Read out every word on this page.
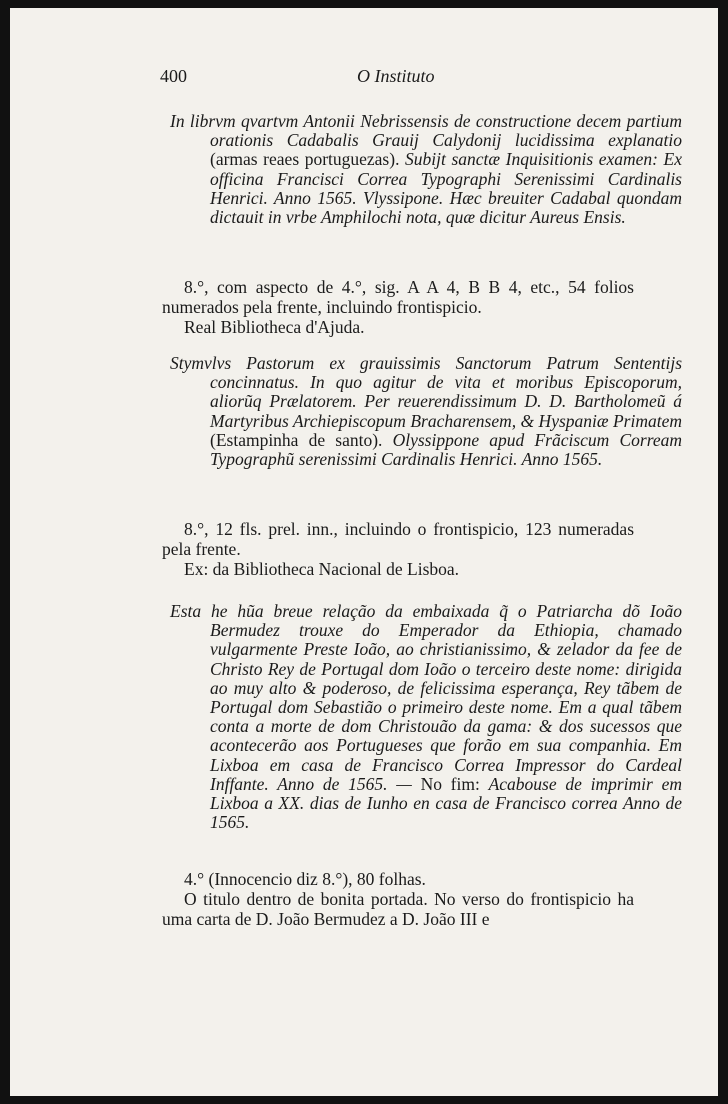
400	O Instituto

In librvm qvartvm Antonii Nebrissensis de constructione decem partium orationis Cadabalis Grauij Calydonij lucidissima explanatio (armas reaes portuguezas). Subijt sanctæ Inquisitionis examen: Ex officina Francisci Correa Typographi Serenissimi Cardinalis Henrici. Anno 1565. Vlyssipone. Hæc breuiter Cadabal quondam dictauit in vrbe Amphilochi nota, quæ dicitur Aureus Ensis.

8.°, com aspecto de 4.°, sig. A A 4, B B 4, etc., 54 folios numerados pela frente, incluindo frontispicio.

Real Bibliotheca d'Ajuda.

Stymvlvs Pastorum ex grauissimis Sanctorum Patrum Sententijs concinnatus. In quo agitur de vita et moribus Episcoporum, aliorũq Prælatorem. Per reuerendissimum D. D. Bartholomeũ á Martyribus Archiepiscopum Bracharensem, & Hyspaniæ Primatem (Estampinha de santo). Olyssippone apud Frãciscum Corream Typographũ serenissimi Cardinalis Henrici. Anno 1565.

8.°, 12 fls. prel. inn., incluindo o frontispicio, 123 numeradas pela frente.

Ex: da Bibliotheca Nacional de Lisboa.

Esta he hũa breue relação da embaixada q̃ o Patriarcha dõ Ioão Bermudez trouxe do Emperador da Ethiopia, chamado vulgarmente Preste Ioão, ao christianissimo, & zelador da fee de Christo Rey de Portugal dom Ioão o terceiro deste nome: dirigida ao muy alto & poderoso, de felicissima esperança, Rey tãbem de Portugal dom Sebastião o primeiro deste nome. Em a qual tãbem conta a morte de dom Christouão da gama: & dos sucessos que acontecerão aos Portugueses que forão em sua companhia. Em Lixboa em casa de Francisco Correa Impressor do Cardeal Inffante. Anno de 1565. — No fim: Acabouse de imprimir em Lixboa a XX. dias de Iunho en casa de Francisco correa Anno de 1565.

4.° (Innocencio diz 8.°), 80 folhas.

O titulo dentro de bonita portada. No verso do frontispicio ha uma carta de D. João Bermudez a D. João III e
